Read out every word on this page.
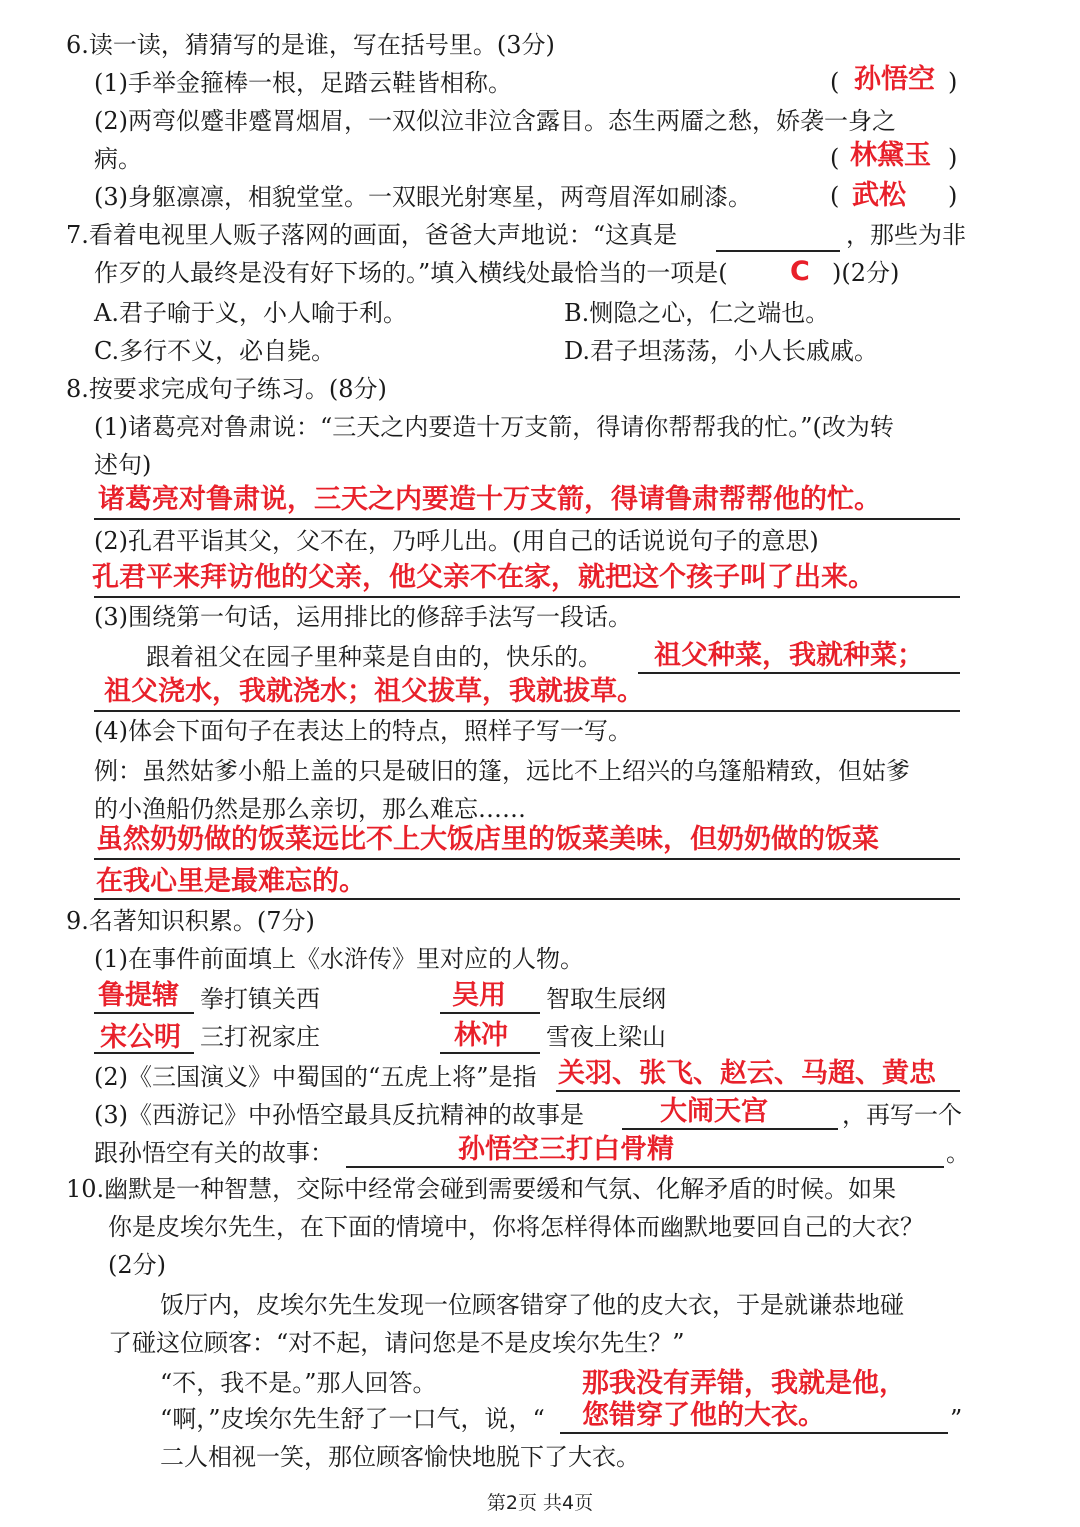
6.读一读，猜猜写的是谁，写在括号里。(3分)
(1)手举金箍棒一根，足踏云鞋皆相称。	( 孙悟空 )
(2)两弯似蹙非蹙罥烟眉，一双似泣非泣含露目。态生两靥之愁，娇袭一身之
病。	( 林黛玉 )
(3)身躯凛凛，相貌堂堂。一双眼光射寒星，两弯眉浑如刷漆。	( 武松 )
7.看着电视里人贩子落网的画面，爸爸大声地说：“这真是	，那些为非
作歹的人最终是没有好下场的。”填入横线处最恰当的一项是( C )(2分)
A.君子喻于义，小人喻于利。	B.恻隐之心，仁之端也。
C.多行不义，必自毙。	D.君子坦荡荡，小人长戚戚。
8.按要求完成句子练习。(8分)
(1)诸葛亮对鲁肃说：“三天之内要造十万支箭，得请你帮帮我的忙。”(改为转
述句)
诸葛亮对鲁肃说，三天之内要造十万支箭，得请鲁肃帮帮他的忙。
(2)孔君平诣其父，父不在，乃呼儿出。(用自己的话说说句子的意思)
孔君平来拜访他的父亲，他父亲不在家，就把这个孩子叫了出来。
(3)围绕第一句话，运用排比的修辞手法写一段话。
跟着祖父在园子里种菜是自由的，快乐的。 祖父种菜，我就种菜；
祖父浇水，我就浇水；祖父拔草，我就拔草。
(4)体会下面句子在表达上的特点，照样子写一写。
例：虽然姑爹小船上盖的只是破旧的篷，远比不上绍兴的乌篷船精致，但姑爹
的小渔船仍然是那么亲切，那么难忘……
虽然奶奶做的饭菜远比不上大饭店里的饭菜美味，但奶奶做的饭菜
在我心里是最难忘的。
9.名著知识积累。(7分)
(1)在事件前面填上《水浒传》里对应的人物。
鲁提辖 拳打镇关西	吴用 智取生辰纲
宋公明 三打祝家庄	林冲 雪夜上梁山
(2)《三国演义》中蜀国的“五虎上将”是指 关羽、张飞、赵云、马超、黄忠
(3)《西游记》中孙悟空最具反抗精神的故事是	大闹天宫	，再写一个
跟孙悟空有关的故事：	孙悟空三打白骨精	。
10.幽默是一种智慧，交际中经常会碰到需要缓和气氛、化解矛盾的时候。如果
你是皮埃尔先生，在下面的情境中，你将怎样得体而幽默地要回自己的大衣？
(2分)
饭厅内，皮埃尔先生发现一位顾客错穿了他的皮大衣，于是就谦恭地碰
了碰这位顾客：“对不起，请问您是不是皮埃尔先生？”
“不，我不是。”那人回答。	那我没有弄错，我就是他，
“啊，”皮埃尔先生舒了一口气，说，“ 您错穿了他的大衣。	”
二人相视一笑，那位顾客愉快地脱下了大衣。
第2页 共4页
